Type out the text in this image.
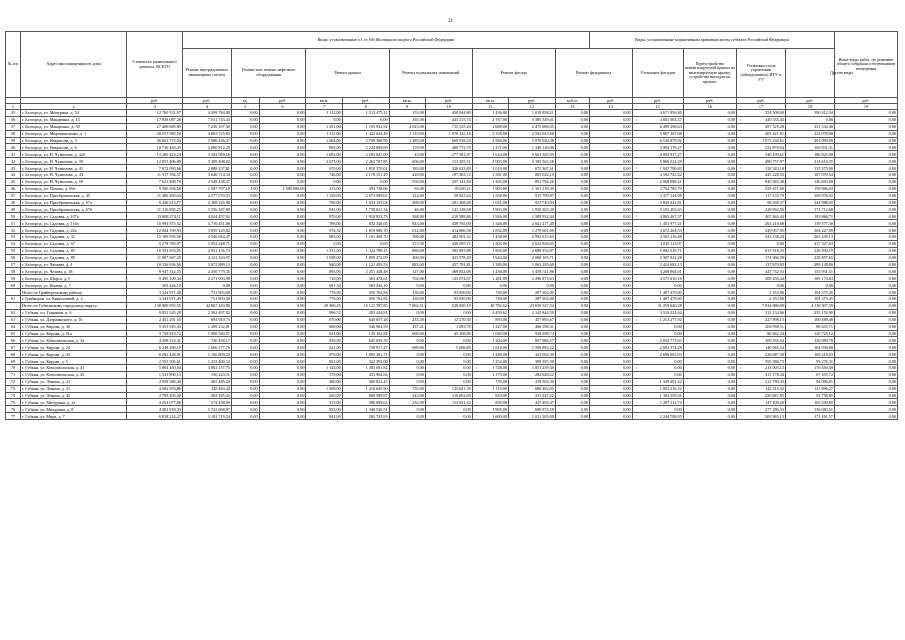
21
№ п/п	Адрес многоквартирного дома	Стоимость капитального ремонта, ВСЕГО	Виды, установленные ч.1 ст.166 Жилищного кодекса Российской Федерации										Виды, установленные нормативным правовым актом субъекта Российской Федерации					Иные виды работ, по решению общего собрания собственников помещения
			Ремонт внутридомовых инженерных систем	Ремонт или замена лифтового оборудования		Ремонт крыши		Ремонт подвальных помещений		Ремонт фасада		Ремонт фундамента		Утепление фасадов	Переустройство невентилируемой крыши на вентилируемую крышу, устройство выходов на кровлю	Установка узлов управления (общедомовых) ИТУ и УУ	Другие виды	
		руб.	руб.	ед.	руб.	кв.м.	руб.	кв.м.	руб.	кв.м.	руб.	куб.м.	руб.	руб.	руб.	руб.	руб.	руб.
1	2	3	4	5	6	7	8	9	10	11	12	13	14	15	16	17	18	19
35	г. Белгород, ул. Мичурина, д. 54	12 760 331,97	4 299 784,00	0,00	0,00	1 112,00	1 513 475,11	153,00	450 944,80	1 436,00	1 019 858,21	0,00	0,00	4 671 956,40	0,00	354 508,00	190 412,34	0,00
36	г. Белгород, ул. Макаренко, д. 13	17 838 087,28	7 631 743,43	0,00	0,00	0,00	0,00	165,00	443 215,74	2 767,00	3 385 349,41	0,00	0,00	4 601 002,37	0,00	440 335,43	0,00	0,00
37	г. Белгород, ул. Макаренко, д. 39	27 406 685,89	7 236 107,30	0,00	0,00	1 291,00	1 183 932,92	4 023,00	715 535,20	1 680,00	2 475 686,05	0,00	0,00	6 499 396,63	0,00	497 525,28	231 534,40	0,00
38	г. Белгород, ул. Мирошниченко, д. 1	28 557 985,50	4 863 725,83	0,00	0,00	1 311,00	1 422 624,49	1 110,00	1 078 425,16	3 358,00	2 592 023,68	0,00	0,00	5 887 167,68	0,00	403 421,81	222 078,90	0,00
39	г. Белгород, ул. Некрасова, д. 3	26 601 772,94	5 086 436,37	0,00	0,00	1 664,00	2 709 368,99	1 285,00	669 918,33	2 584,00	3 070 020,38	0,00	0,00	6 120 879,92	0,00	1 073 236,61	203 000,00	0,00
40	г. Белгород, ул. Некрасова, д. 6	10 736 463,43	2 800 812,29	0,00	0,00	893,00	2 224 809,69	179,00	400 772,79	1 271,00	1 340 126,06	0,00	0,00	3 994 176,27	0,00	532 879,04	163 831,31	0,00
41	г. Белгород, ул. Н. Чумичова, д. 32б	13 200 423,24	3 104 969,16	0,00	0,00	1 002,00	2 283 047,09	45,00	277 581,87	1 624,00	3 663 305,95	0,00	0,00	4 094 917,27	0,00	540 199,61	186 825,00	0,00
42	г. Белгород, ул. Н. Чумичова, д. 39	12 853 406,89	3 309 408,02	0,00	0,00	2 673,00	2 263 707,85	606,00	113 305,51	2 003,00	3 185 563,58	0,00	0,00	5 866 524,29	0,00	490 757,97	214 610,35	0,00
43	г. Белгород, ул. Н. Чумичова, д. 41	7 672 093,66	2 888 237,81	0,00	0,00	670,00	1 818 370,01	183,00	326 623,89	2 019,00	675 367,31	0,00	0,00	1 947 790,83	0,00	128 343,10	135 375,00	0,00
44	г. Белгород, ул. Н. Чумичова, д. 43	11 917 594,37	3 646 714,34	0,00	0,00	726,00	2 178 151,29	420,00	197 363,72	1 581,00	883 022,19	0,00	0,00	4 592 743,42	0,00	445 228,55	167 070,54	0,00
45	г. Белгород, ул. Н. Чумичова, д. 58	7 621 408,79	2 348 438,37	0,00	0,00	0,00	0,00	556,00	257 141,84	1 265,00	891 794,26	0,00	0,00	2 068 088,21	0,00	840 365,48	146 693,00	0,00
46	г. Белгород, ул. Попова, д. 69а	9 580 594,58	1 587 707,10	1,00	1 500 000,00	413,00	393 738,06	83,00	19 020,21	1 903,00	1 161 139,39	0,00	0,00	3 702 785,70	0,00	329 471,60	159 906,03	0,00
47	г. Белгород, ул. Преображенская, д. 45	11 400 495,64	2 577 570,33	0,00	0,00	1 129,00	2 673 599,01	214,00	50 823,44	1 558,00	915 799,87	0,00	0,00	3 377 144,08	0,00	117 135,79	169 076,02	0,00
48	г. Белгород, ул. Преображенская, д. 67а	9 446 613,77	2 368 226,98	0,00	0,00	790,00	1 033 155,04	498,00	201 468,48	1 031,00	927 740,94	0,00	0,00	3 845 442,81	0,00	98 438,37	341 988,05	0,00
49	г. Белгород, ул. Преображенская, д. 67б	11 316 835,25	3 556 367,80	0,00	0,00	941,00	1 738 631,34	46,00	141 128,58	1 903,00	1 950 303,30	0,00	0,00	3 103 403,63	0,00	229 932,56	171 712,68	0,00
50	г. Белгород, ул. Садовая, д. 107а	13 808 474,11	4 024 457,02	0,00	0,00	970,00	1 918 833,73	368,00	219 588,86	1 926,00	1 589 952,44	0,00	0,00	4 862 467,37	0,00	407 463,44	193 866,71	0,00
51	г. Белгород, ул. Садовая, д. 116а	10 994 875,32	3 716 451,08	0,00	0,00	786,00	832 346,65	843,00	458 765,00	1 326,00	2 041 277,40	0,00	0,00	1 453 977,21	0,00	263 210,68	139 577,30	0,00
52	г. Белгород, ул. Садовая, д. 22а	12 844 359,93	3 859 429,82	0,00	0,00	974,32	1 819 986,70	612,00	414 806,58	1 832,00	1 279 601,00	0,00	0,00	3 672 264,53	0,00	529 057,95	304 227,09	0,00
53	г. Белгород, ул. Садовая, д. 32	15 109 935,00	4 946 664,47	0,00	0,00	983,00	1 161 408,70	390,00	484 993,32	1 458,00	2 992 615,63	0,00	0,00	4 503 316,48	0,00	543 138,24	203 439,13	0,00
54	г. Белгород, ул. Садовая, д. 67	9 278 783,97	1 952 248,71	0,00	0,00	0,00	0,00	273,50	436 095,72	1 504,00	2 622 826,05	0,00	0,00	4 039 113,97	0,00	0,00	417 327,63	0,00
55	г. Белгород, ул. Садовая, д. 85	16 352 833,05	4 931 156,74	0,00	0,00	1 331,00	1 324 788,15	880,00	583 893,89	1 894,00	2 689 352,07	0,00	0,00	5 082 520,71	0,00	813 918,35	228 502,19	0,00
56	г. Белгород, ул. Садовая, д. 89	11 807 667,45	4 121 324,97	0,00	0,00	1 058,00	1 859 472,09	400,00	423 978,29	1 644,00	2 068 165,71	0,00	0,00	2 307 942,28	0,00	174 966,58	228 857,65	0,00
57	г. Белгород, ул. Чапаева, д. 4	10 356 936,96	3 672 889,13	0,00	0,00	940,00	1 121 493,53	883,00	457 791,81	1 389,00	1 063 295,60	0,00	0,00	3 424 682,13	0,00	137 679,83	289 138,80	0,00
58	г. Белгород, ул. Чехова, д. 28	9 947 312,55	2 350 779,35	0,00	0,00	893,00	2 251 438,48	127,00	369 832,06	1 430,00	1 458 311,86	0,00	0,00	4 208 864,01	0,00	447 732,33	155 931,51	0,00
59	г. Белгород, ул. Щорса, д. 5	9 495 109,34	2 271 003,98	0,00	0,00	710,00	363 472,61	702,00	123 074,07	1 281,00	1 296 873,63	0,00	0,00	4 575 610,16	0,00	309 250,44	165 174,63	0,00
60	г. Белгород, ул. Конева, д. 7	303 426,10	0,00	0,00	0,00	691,30	303 426,10	0,00	0,00	0,00	0,00	0,00	0,00	0,00	0,00	0,00	0,00	0,00
	Итого по Грайворонскому району:	3 344 971,49	731 803,00	0,00	0,00	776,00	350 762,84	430,00	93 850,00	749,00	287 302,00	0,00	0,00	1 407 470,00	0,00	2 353,00	104 375,45	0,00
61	г. Грайворон, ул. Кирилловой, д. 2	3 344 971,49	731 803,00	0,00	0,00	776,00	350 762,84	430,00	93 850,00	749,00	287 302,00	0,00	0,00	1 407 470,00	0,00	2 353,00	104 375,45	0,00
	Итого по Губкинскому городскому округу:	138 980 955,55	42 867 443,89	0,00	0,00	29 406,45	15 121 787,85	7 862,51	528 850,19	40 782,62	23 650 327,54	0,00	0,00	31 259 640,28	0,00	7 034 886,00	4 118 307,59	0,00
62	г. Губкин, пл. Горняков, д. 6	9 852 545,29	2 262 497,02	0,00	0,00	996,52	283 424,81	0,00	0,00	2 459,62	2 142 844,59	0,00	0,00	3 510 224,64	0,00	212 134,06	255 152,90	0,00
63	г. Губкин, ул. Дзержинского, д. 10	2 451 291,35	694 910,75	0,00	0,00	670,00	645 657,28	233,30	12 270,30	893,00	457 893,67	0,00	0,00	1 213 277,92	0,00	227 898,15	100 489,48	0,00
64	г. Губкин, ул. Кирова, д. 30	5 353 945,43	1 209 232,81	0,00	0,00	668,00	546 904,59	437,21	1 083,70	1 227,00	406 596,31	0,00	0,00	0,00	0,00	206 958,11	88 435,71	0,00
65	г. Губкин, ул. Кирова, д. 31а	3 738 819,72	1 006 540,57	0,00	0,00	621,00	125 102,84	600,00	45 208,80	1 049,00	928 298,74	0,00	0,00	0,00	0,00	86 842,24	120 725,12	0,00
66	г. Губкин, ул. Комсомольская, д. 3а	4 458 214,41	740 458,17	0,00	0,00	810,00	645 659,76	0,00	0,00	1 204,00	697 986,57	0,00	0,00	2 034 773,63	0,00	209 435,54	120 099,78	0,00
67	г. Губкин, ул. Кирова, д. 24	6 248 296,10	1 666 577,76	0,00	0,00	621,00	728 917,27	689,00	5 606,80	1 818,00	1 509 883,22	0,00	0,00	2 692 374,28	0,00	140 945,54	104 938,80	0,00
68	г. Губкин, ул. Кирова, д. 43	6 292 428,91	1 166 809,23	0,00	0,00	978,00	1 083 281,71	0,00	0,00	1 280,00	341 002,30	0,00	0,00	2 696 603,93	0,00	236 087,39	169 218,03	0,00
69	г. Губкин, ул. Кирова, д. 5	2 553 595,61	1 233 400,34	0,00	0,00	821,00	322 392,00	0,00	0,00	1 254,00	309 395,30	0,00	0,00	0,00	0,00	595 380,73	93 276,31	0,00
70	г. Губкин, ул. Комсомольская, д. 41	5 804 450,84	3 082 157,75	0,00	0,00	1 143,00	1 303 691,82	0,00	0,00	1 748,00	1 051 259,30	0,00	0,00	0,00	0,00	213 003,13	176 450,30	0,00
71	г. Губкин, ул. Комсомольская, д. 45	1 533 890,13	530 423,11	0,00	0,00	570,00	433 964,64	0,00	0,00	1 179,00	282 648,22	0,00	0,00	0,00	0,00	211 178,44	67 455,72	0,00
72	г. Губкин, ул. Ленина, д. 21	2 958 386,40	465 485,20	0,00	0,00	480,00	485 822,45	0,00	0,00	759,00	418 502,39	0,00	0,00	1 349 401,22	0,00	213 780,43	94 096,81	0,00
73	г. Губкин, ул. Ленина, д. 21	4 682 953,86	428 483,44	0,00	0,00	1 008,00	1 218 645,90	735,00	125 641,39	1 110,00	680 482,05	0,00	0,00	1 852 216,32	0,00	142 313,32	123 996,27	0,00
74	г. Губкин, ул. Ленина, д. 45	2 709 405,40	282 185,43	0,00	0,00	630,00	860 589,67	543,00	116 062,69	810,00	231 347,22	0,00	0,00	1 302 559,36	0,00	250 847,85	92 758,85	0,00
75	г. Губкин, ул. Мичурина, д. 2а	3 254 077,88	574 458,99	0,00	0,00	915,00	580 699,63	232,00	113 941,42	839,00	447 493,47	0,00	0,00	1 287 112,74	0,00	147 209,20	103 290,85	0,00
76	г. Губкин, ул. Мичурина, д. 8	4 402 918,33	1 722 068,97	0,00	0,00	823,00	1 346 526,51	0,00	0,00	1 995,00	690 972,58	0,00	0,00	0,00	0,00	277 286,33	136 083,51	0,00
77	г. Губкин, ул. Мира, д. 7	6 818 214,27	1 181 719,54	0,00	0,00	841,00	381 743,93	0,00	0,00	1 609,00	1 031 305,00	0,00	0,00	2 244 708,05	0,00	205 965,13	171 161,57	0,00
